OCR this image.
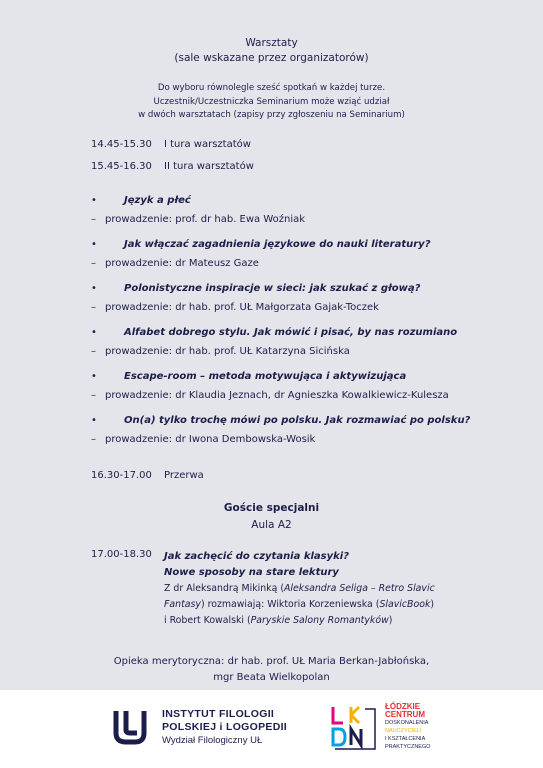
Warsztaty
(sale wskazane przez organizatorów)
Do wyboru równolegle sześć spotkań w każdej turze.
Uczestnik/Uczestniczka Seminarium może wziąć udział
w dwóch warsztatach (zapisy przy zgłoszeniu na Seminarium)
14.45-15.30 I tura warsztatów
15.45-16.30 II tura warsztatów
•	Język a płeć
– prowadzenie: prof. dr hab. Ewa Woźniak
•	Jak włączać zagadnienia językowe do nauki literatury?
– prowadzenie: dr Mateusz Gaze
•	Polonistyczne inspiracje w sieci: jak szukać z głową?
– prowadzenie: dr hab. prof. UŁ Małgorzata Gajak-Toczek
•	Alfabet dobrego stylu. Jak mówić i pisać, by nas rozumiano
– prowadzenie: dr hab. prof. UŁ Katarzyna Sicińska
•	Escape-room – metoda motywująca i aktywizująca
– prowadzenie: dr Klaudia Jeznach, dr Agnieszka Kowalkiewicz-Kulesza
•	On(a) tylko trochę mówi po polsku. Jak rozmawiać po polsku?
– prowadzenie: dr Iwona Dembowska-Wosik
16.30-17.00 Przerwa
Goście specjalni
Aula A2
17.00-18.30 Jak zachęcić do czytania klasyki?
Nowe sposoby na stare lektury
Z dr Aleksandrą Mikinką (Aleksandra Seliga – Retro Slavic
Fantasy) rozmawiają: Wiktoria Korzeniewska (SlavicBook)
i Robert Kowalski (Paryskie Salony Romantyków)
Opieka merytoryczna: dr hab. prof. UŁ Maria Berkan-Jabłońska,
mgr Beata Wielkopolan
INSTYTUT FILOLOGII
POLSKIEJ i LOGOPEDII
Wydział Filologiczny UŁ
ŁÓDZKIE
CENTRUM
DOSKONALENIA
NAUCZYCIELI
I KSZTAŁCENIA
PRAKTYCZNEGO
